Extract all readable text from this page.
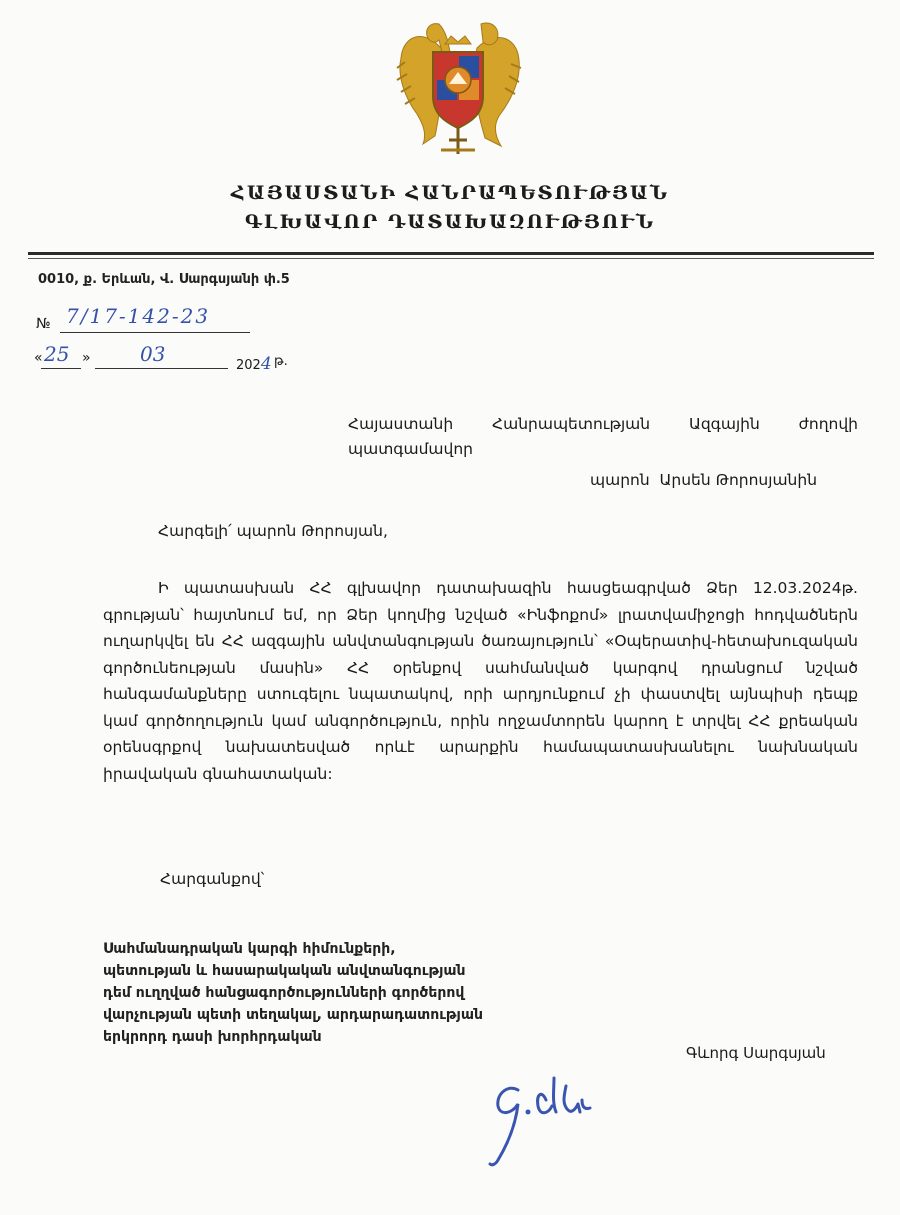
ՀԱՅԱՍՏԱՆԻ ՀԱՆՐԱՊԵՏՈՒԹՅԱՆ
ԳԼԽԱՎՈՐ ԴԱՏԱԽԱԶՈՒԹՅՈՒՆ
0010, ք. Երևան, Վ. Սարգսյանի փ.5
№ 7/17-142-23
« 25 » 03	2024 թ.
Հայաստանի	Հանրապետության	Ազգային	ժողովի
պատգամավոր
պարոն  Արսեն Թորոսյանին
Հարգելի՛ պարոն Թորոսյան,
Ի պատասխան ՀՀ գլխավոր դատախազին հասցեագրված Ձեր 12.03.2024թ. գրության՝ հայտնում եմ, որ Ձեր կողմից նշված «Ինֆոքոմ» լրատվամիջոցի հոդվածներն ուղարկվել են ՀՀ ազգային անվտանգության ծառայություն՝ «Օպերատիվ-հետախուզական գործունեության մասին» ՀՀ օրենքով սահմանված կարգով դրանցում նշված հանգամանքները ստուգելու նպատակով, որի արդյունքում չի փաստվել այնպիսի դեպք կամ գործողություն կամ անգործություն, որին ողջամտորեն կարող է տրվել ՀՀ քրեական օրենսգրքով նախատեսված որևէ արարքին համապատասխանելու նախնական իրավական գնահատական:
Հարգանքով՝
Սահմանադրական կարգի հիմունքերի,
պետության և հասարակական անվտանգության
դեմ ուղղված հանցագործությունների գործերով
վարչության պետի տեղակալ, արդարադատության
երկրորդ դասի խորհրդական
Գևորգ Սարգսյան
